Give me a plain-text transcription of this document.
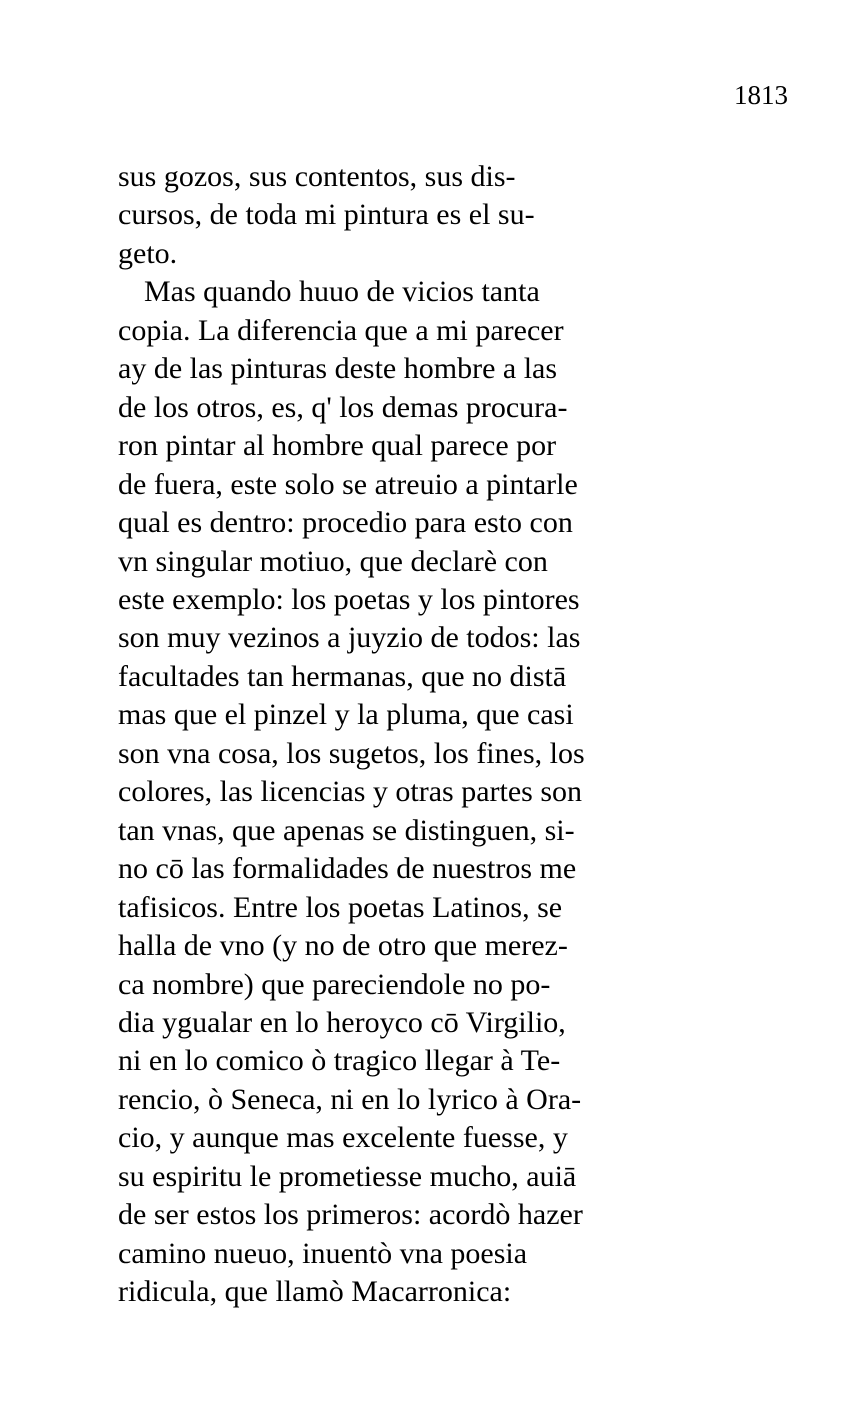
1813
sus gozos, sus contentos, sus dis-
cursos, de toda mi pintura es el su-
geto.
Mas quando huuo de vicios tanta
copia. La diferencia que a mi parecer
ay de las pinturas deste hombre a las
de los otros, es, q' los demas procura-
ron pintar al hombre qual parece por
de fuera, este solo se atreuio a pintarle
qual es dentro: procedio para esto con
vn singular motiuo, que declarè con
este exemplo: los poetas y los pintores
son muy vezinos a juyzio de todos: las
facultades tan hermanas, que no distā
mas que el pinzel y la pluma, que casi
son vna cosa, los sugetos, los fines, los
colores, las licencias y otras partes son
tan vnas, que apenas se distinguen, si-
no cō las formalidades de nuestros me
tafisicos. Entre los poetas Latinos, se
halla de vno (y no de otro que merez-
ca nombre) que pareciendole no po-
dia ygualar en lo heroyco cō Virgilio,
ni en lo comico ò tragico llegar à Te-
rencio, ò Seneca, ni en lo lyrico à Ora-
cio, y aunque mas excelente fuesse, y
su espiritu le prometiesse mucho, auiā
de ser estos los primeros: acordò hazer
camino nueuo, inuentò vna poesia
ridicula, que llamò Macarronica:
